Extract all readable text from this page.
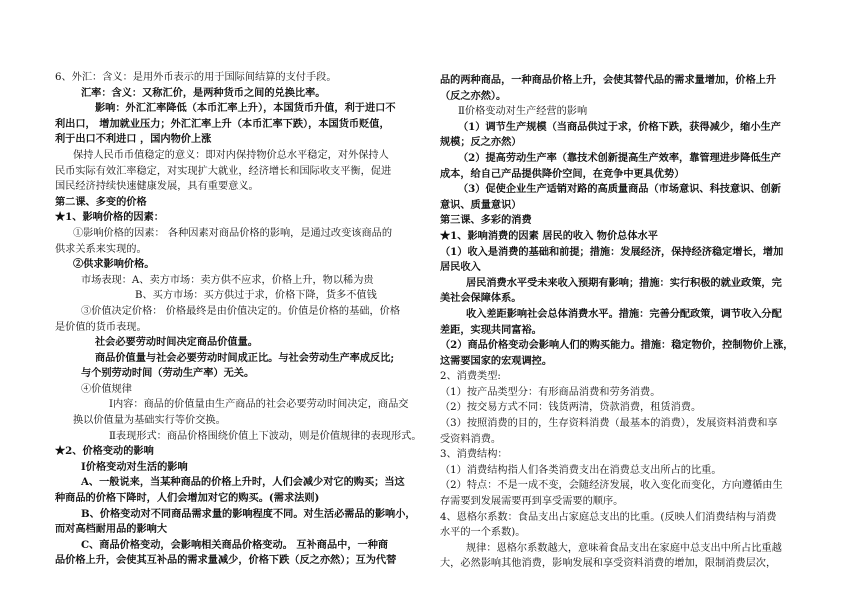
6、外汇：含义：是用外币表示的用于国际间结算的支付手段。
汇率：含义：又称汇价，是两种货币之间的兑换比率。
影响：外汇汇率降低（本币汇率上升），本国货币升值，利于进口不
利出口， 增加就业压力；外汇汇率上升（本币汇率下跌），本国货币贬值，
利于出口不利进口 ，国内物价上涨
保持人民币币值稳定的意义：即对内保持物价总水平稳定，对外保持人
民币实际有效汇率稳定，对实现扩大就业，经济增长和国际收支平衡，促进
国民经济持续快速健康发展，具有重要意义。
第二课、多变的价格
★1、影响价格的因素：
①影响价格的因素： 各种因素对商品价格的影响，是通过改变该商品的
供求关系来实现的。
②供求影响价格。
市场表现：A、卖方市场：卖方供不应求，价格上升，物以稀为贵
B、买方市场：买方供过于求，价格下降，货多不值钱
③价值决定价格： 价格最终是由价值决定的。价值是价格的基础，价格
是价值的货币表现。
社会必要劳动时间决定商品价值量。
商品价值量与社会必要劳动时间成正比。与社会劳动生产率成反比;
与个别劳动时间（劳动生产率）无关。
④价值规律
Ⅰ内容：商品的价值量由生产商品的社会必要劳动时间决定，商品交
换以价值量为基础实行等价交换。
Ⅱ表现形式：商品价格围绕价值上下波动，则是价值规律的表现形式。
★2、价格变动的影响
Ⅰ价格变动对生活的影响
A、一般说来，当某种商品的价格上升时，人们会减少对它的购买；当这
种商品的价格下降时，人们会增加对它的购买。(需求法则)
B、价格变动对不同商品需求量的影响程度不同。对生活必需品的影响小，
而对高档耐用品的影响大
C、商品价格变动，会影响相关商品价格变动。 互补商品中，一种商
品价格上升，会使其互补品的需求量减少，价格下跌（反之亦然）；互为代替
品的两种商品，一种商品价格上升，会使其替代品的需求量增加，价格上升
（反之亦然）。
Ⅱ价格变动对生产经营的影响
（1）调节生产规模（当商品供过于求，价格下跌，获得减少，缩小生产
规模；反之亦然）
（2）提高劳动生产率（靠技术创新提高生产效率，靠管理进步降低生产
成本，给自己产品提供降价空间，在竞争中更具优势）
（3）促使企业生产适销对路的高质量商品（市场意识、科技意识、创新
意识、质量意识）
第三课、多彩的消费
★1、影响消费的因素 居民的收入 物价总体水平
（1）收入是消费的基础和前提；措施：发展经济，保持经济稳定增长，增加
居民收入
居民消费水平受未来收入预期有影响；措施：实行积极的就业政策，完
美社会保障体系。
收入差距影响社会总体消费水平。措施：完善分配政策，调节收入分配
差距，实现共同富裕。
（2）商品价格变动会影响人们的购买能力。措施：稳定物价，控制物价上涨，
这需要国家的宏观调控。
2、消费类型:
（1）按产品类型分：有形商品消费和劳务消费。
（2）按交易方式不同：钱货两清，贷款消费，租赁消费。
（3）按照消费的目的，生存资料消费（最基本的消费），发展资料消费和享
受资料消费。
3、消费结构：
（1）消费结构指人们各类消费支出在消费总支出所占的比重。
（2）特点：不是一成不变，会随经济发展，收入变化而变化，方向遵循由生
存需要到发展需要再到享受需要的顺序。
4、恩格尔系数：食品支出占家庭总支出的比重。(反映人们消费结构与消费
水平的一个系数)。
规律：恩格尔系数越大，意味着食品支出在家庭中总支出中所占比重越
大，必然影响其他消费，影响发展和享受资料消费的增加，限制消费层次，
